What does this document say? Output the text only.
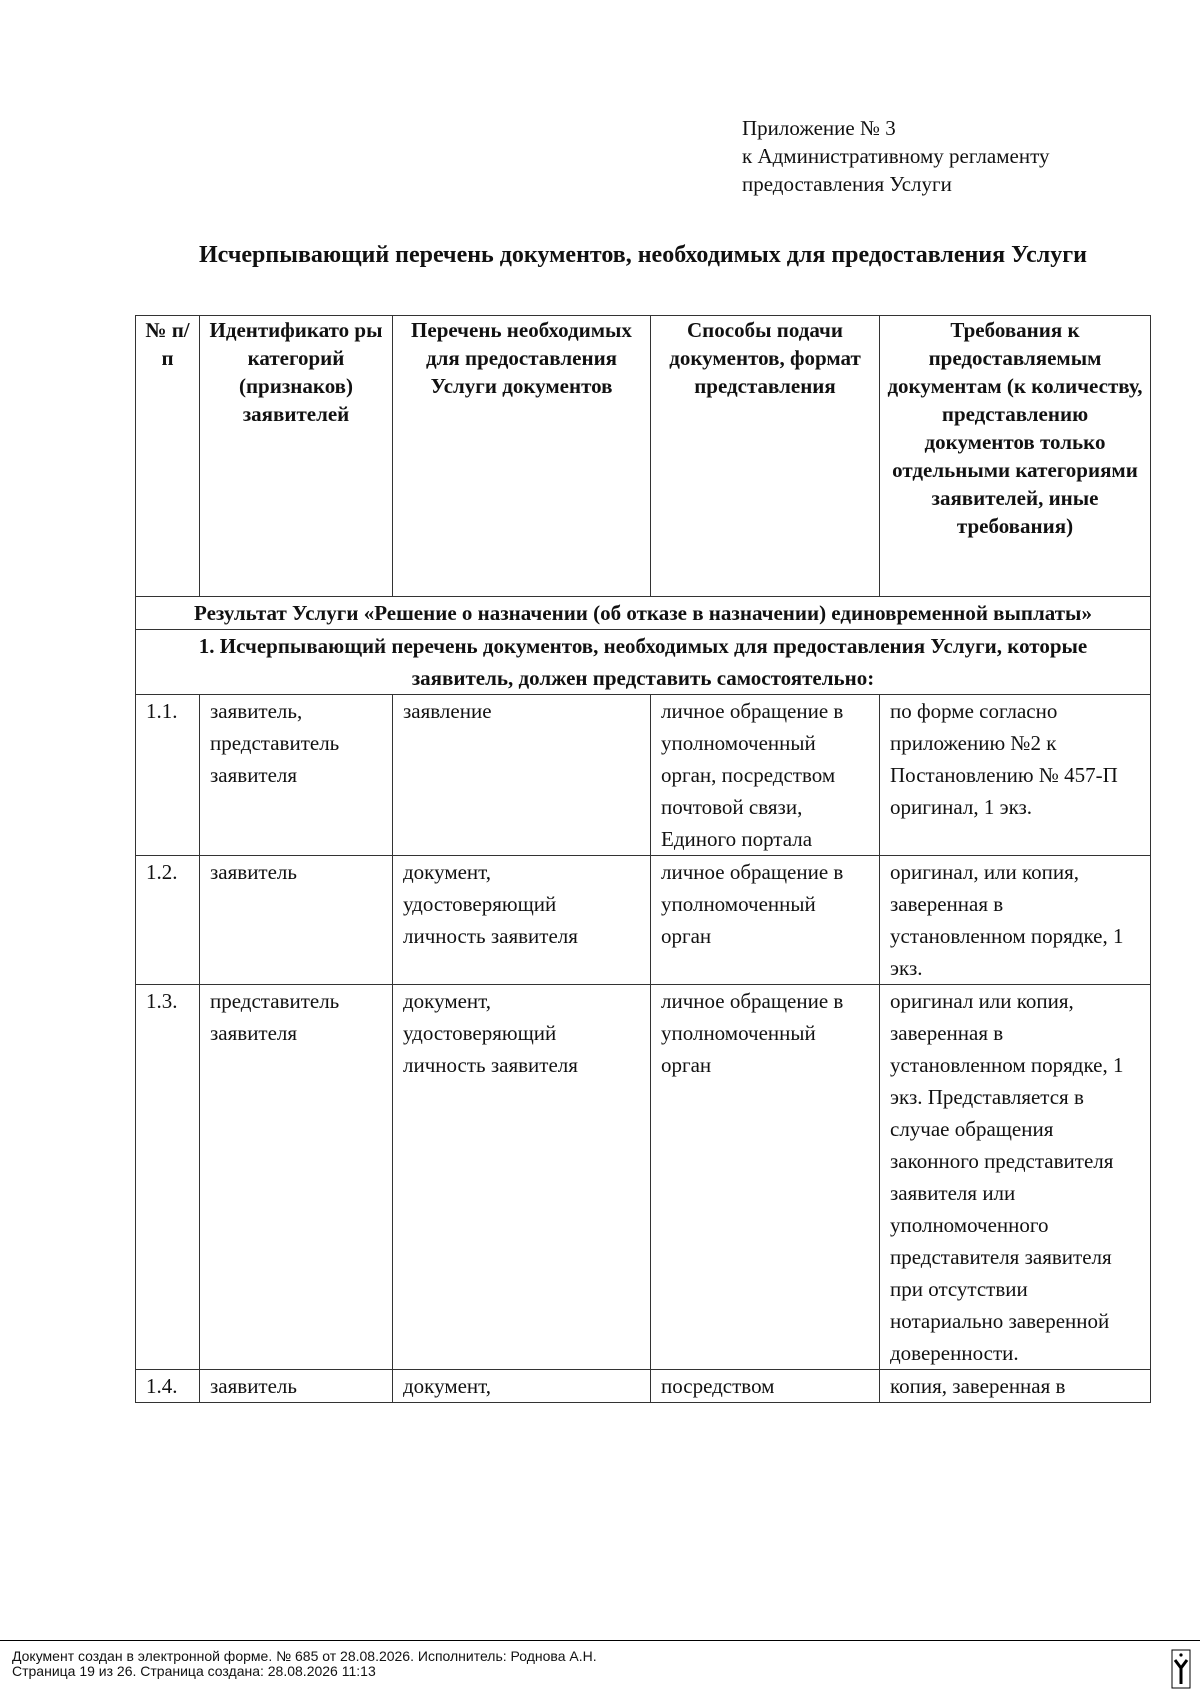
Приложение № 3
к Административному регламенту
предоставления Услуги
Исчерпывающий перечень документов, необходимых для предоставления Услуги
№ п/п	Идентификато ры категорий (признаков) заявителей	Перечень необходимых для предоставления Услуги документов	Способы подачи документов, формат представления	Требования к предоставляемым документам (к количеству, представлению документов только отдельными категориями заявителей, иные требования)
Результат Услуги «Решение о назначении (об отказе в назначении) единовременной выплаты»				
1. Исчерпывающий перечень документов, необходимых для предоставления Услуги, которые заявитель, должен представить самостоятельно:				
1.1.	заявитель, представитель заявителя	заявление	личное обращение в уполномоченный орган, посредством почтовой связи, Единого портала	по форме согласно приложению №2 к Постановлению № 457-П оригинал, 1 экз.
1.2.	заявитель	документ, удостоверяющий личность заявителя	личное обращение в уполномоченный орган	оригинал, или копия, заверенная в установленном порядке, 1 экз.
1.3.	представитель заявителя	документ, удостоверяющий личность заявителя	личное обращение в уполномоченный орган	оригинал или копия, заверенная в установленном порядке, 1 экз. Представляется в случае обращения законного представителя заявителя или уполномоченного представителя заявителя при отсутствии нотариально заверенной доверенности.
1.4.	заявитель	документ,	посредством	копия, заверенная в
Документ создан в электронной форме. № 685 от 28.08.2026. Исполнитель: Роднова А.Н.
Страница 19 из 26. Страница создана: 28.08.2026 11:13
